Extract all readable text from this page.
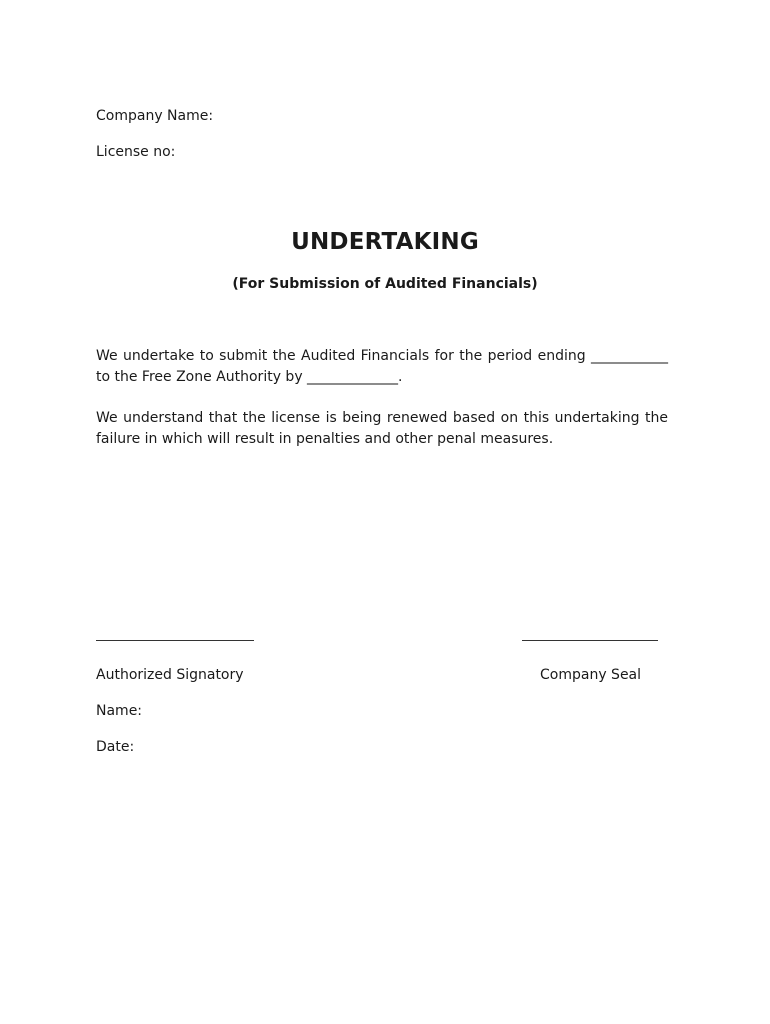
Company Name:
License no:
UNDERTAKING
(For Submission of Audited Financials)
We undertake to submit the Audited Financials for the period ending ___________ to the Free Zone Authority by _____________.
We understand that the license is being renewed based on this undertaking the failure in which will result in penalties and other penal measures.
Authorized Signatory	Company Seal
Name:
Date:
